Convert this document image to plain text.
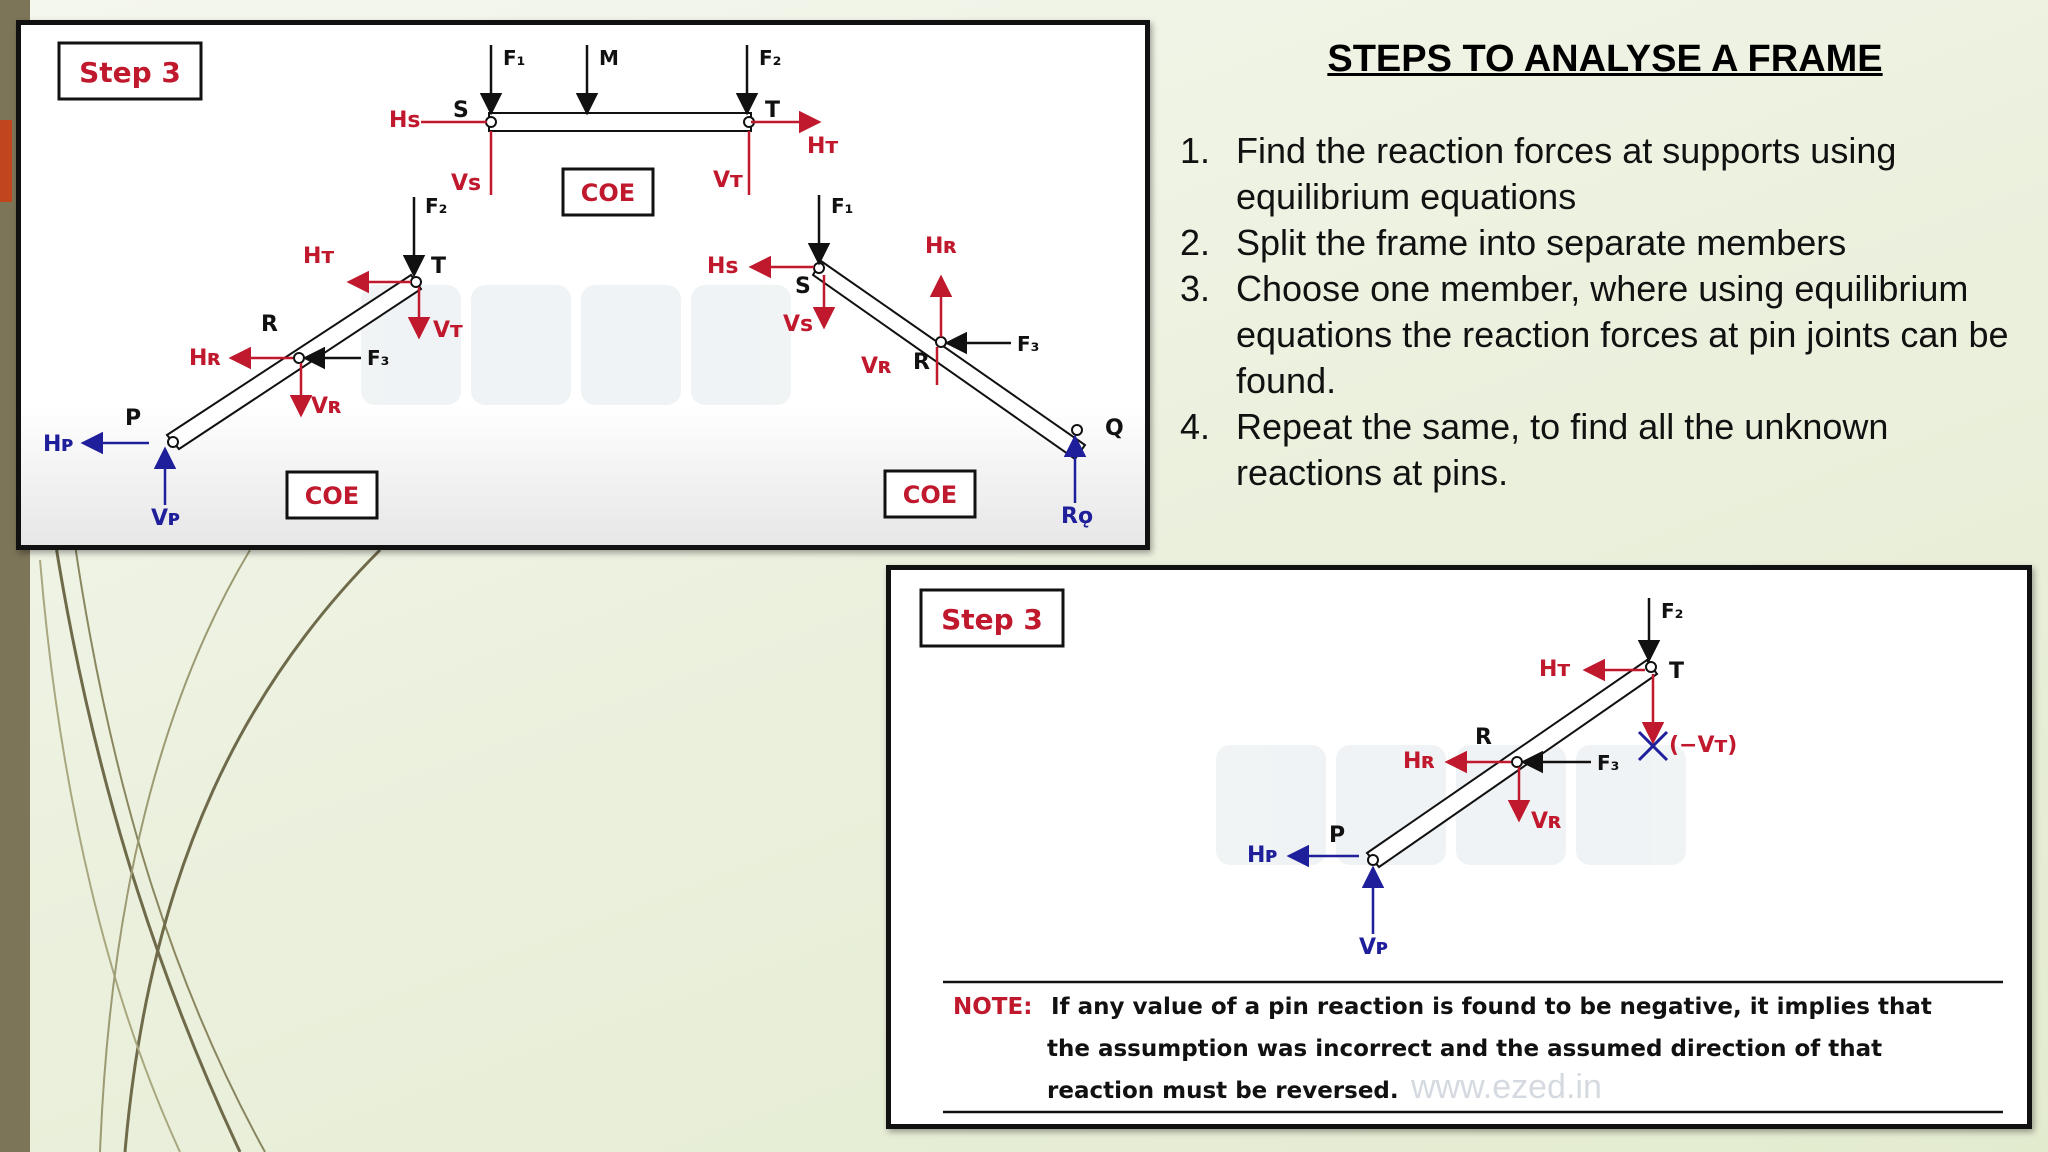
Step 3	F₁	M	F₂
S	T
Hs
Hт
Vs	Vт
COE
F₂
T
Hт
Vт
R
Hʀ	F₃
Vʀ
P
Hᴘ
Vᴘ
COE
F₁
Hs
S
Vs
Hʀ
F₃
R
Vʀ
Q
Rǫ
COE
STEPS TO ANALYSE A FRAME
1. Find the reaction forces at supports using equilibrium equations
2. Split the frame into separate members
3. Choose one member, where using equilibrium equations the reaction forces at pin joints can be found.
4. Repeat the same, to find all the unknown reactions at pins.
Step 3	F₂
T
Hт
(−Vт)
R
Hʀ	F₃
Vʀ
P
Hᴘ
Vᴘ
NOTE: If any value of a pin reaction is found to be negative, it implies that
the assumption was incorrect and the assumed direction of that
reaction must be reversed. www.ezed.in
